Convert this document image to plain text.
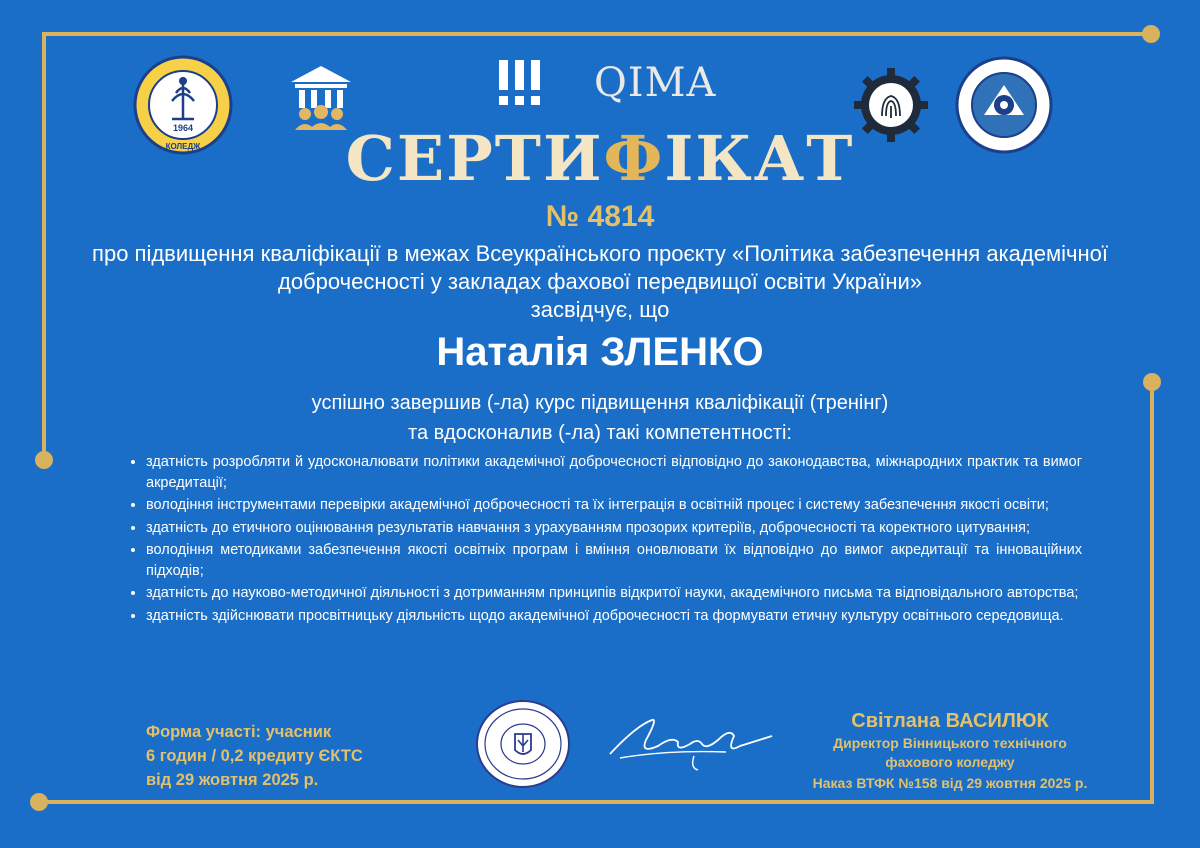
1964
КОЛЕДЖ
QIMA
СЕРТИФІКАТ
№ 4814
про підвищення кваліфікації в межах Всеукраїнського проєкту «Політика забезпечення академічної доброчесності у закладах фахової передвищої освіти України»
засвідчує, що
Наталія ЗЛЕНКО
успішно завершив (-ла) курс підвищення кваліфікації (тренінг)
та вдосконалив (-ла) такі компетентності:
• здатність розробляти й удосконалювати політики академічної доброчесності відповідно до законодавства, міжнародних практик та вимог акредитації;
• володіння інструментами перевірки академічної доброчесності та їх інтеграція в освітній процес і систему забезпечення якості освіти;
• здатність до етичного оцінювання результатів навчання з урахуванням прозорих критеріїв, доброчесності та коректного цитування;
• володіння методиками забезпечення якості освітніх програм і вміння оновлювати їх відповідно до вимог акредитації та інноваційних підходів;
• здатність до науково-методичної діяльності з дотриманням принципів відкритої науки, академічного письма та відповідального авторства;
• здатність здійснювати просвітницьку діяльність щодо академічної доброчесності та формувати етичну культуру освітнього середовища.
Форма участі: учасник
6 годин / 0,2 кредиту ЄКТС
від 29 жовтня 2025 р.
Світлана ВАСИЛЮК
Директор Вінницького технічного
фахового коледжу
Наказ ВТФК №158 від 29 жовтня 2025 р.
